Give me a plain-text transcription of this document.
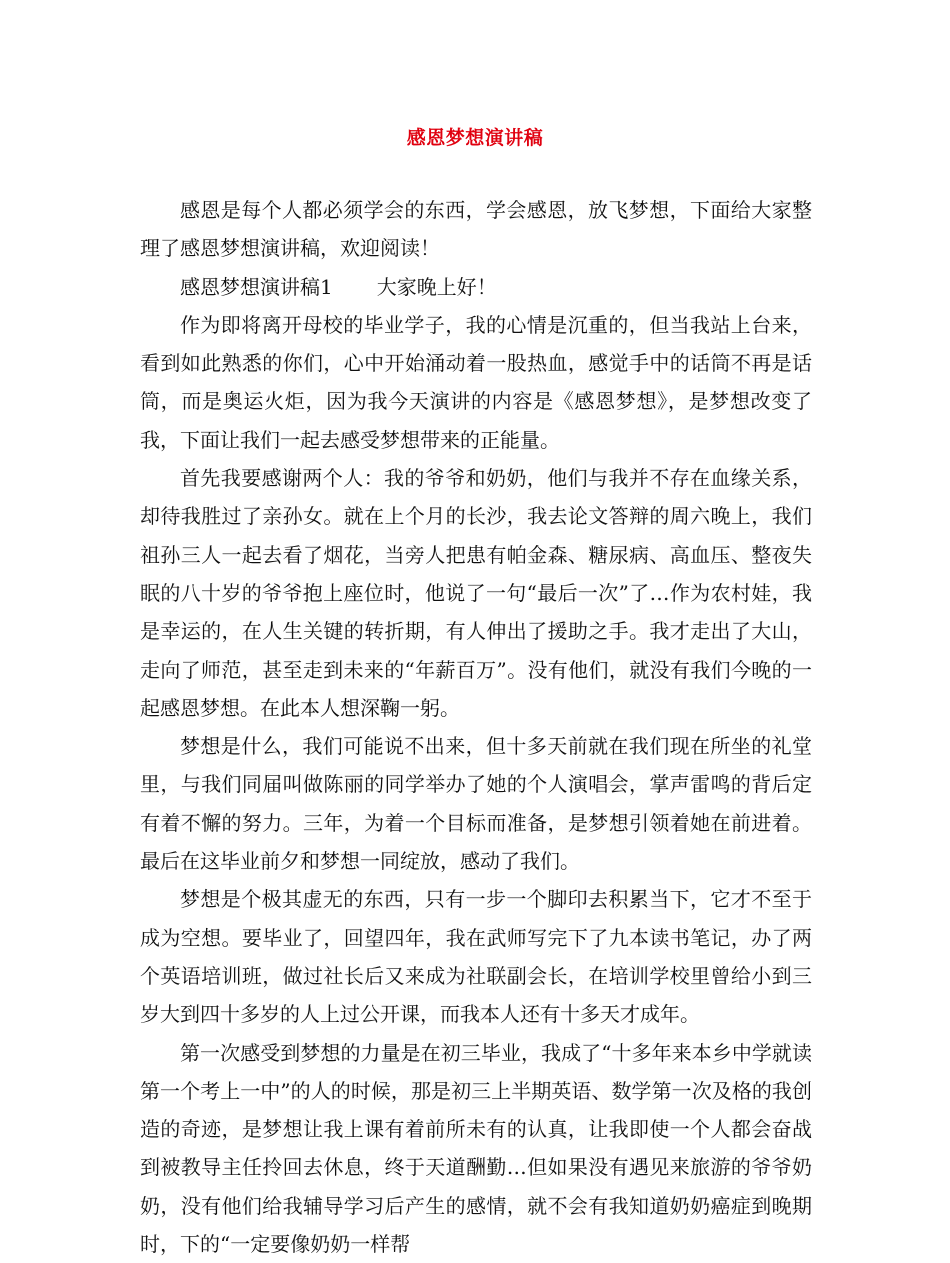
感恩梦想演讲稿

感恩是每个人都必须学会的东西，学会感恩，放飞梦想，下面给大家整理了感恩梦想演讲稿，欢迎阅读！

感恩梦想演讲稿1 大家晚上好！

作为即将离开母校的毕业学子，我的心情是沉重的，但当我站上台来，看到如此熟悉的你们，心中开始涌动着一股热血，感觉手中的话筒不再是话筒，而是奥运火炬，因为我今天演讲的内容是《感恩梦想》，是梦想改变了我，下面让我们一起去感受梦想带来的正能量。

首先我要感谢两个人：我的爷爷和奶奶，他们与我并不存在血缘关系，却待我胜过了亲孙女。就在上个月的长沙，我去论文答辩的周六晚上，我们祖孙三人一起去看了烟花，当旁人把患有帕金森、糖尿病、高血压、整夜失眠的八十岁的爷爷抱上座位时，他说了一句“最后一次”了…作为农村娃，我是幸运的，在人生关键的转折期，有人伸出了援助之手。我才走出了大山，走向了师范，甚至走到未来的“年薪百万”。没有他们，就没有我们今晚的一起感恩梦想。在此本人想深鞠一躬。

梦想是什么，我们可能说不出来，但十多天前就在我们现在所坐的礼堂里，与我们同届叫做陈丽的同学举办了她的个人演唱会，掌声雷鸣的背后定有着不懈的努力。三年，为着一个目标而准备，是梦想引领着她在前进着。最后在这毕业前夕和梦想一同绽放，感动了我们。

梦想是个极其虚无的东西，只有一步一个脚印去积累当下，它才不至于成为空想。要毕业了，回望四年，我在武师写完下了九本读书笔记，办了两个英语培训班，做过社长后又来成为社联副会长，在培训学校里曾给小到三岁大到四十多岁的人上过公开课，而我本人还有十多天才成年。

第一次感受到梦想的力量是在初三毕业，我成了“十多年来本乡中学就读第一个考上一中”的人的时候，那是初三上半期英语、数学第一次及格的我创造的奇迹，是梦想让我上课有着前所未有的认真，让我即使一个人都会奋战到被教导主任拎回去休息，终于天道酬勤…但如果没有遇见来旅游的爷爷奶奶，没有他们给我辅导学习后产生的感情，就不会有我知道奶奶癌症到晚期时，下的“一定要像奶奶一样帮
